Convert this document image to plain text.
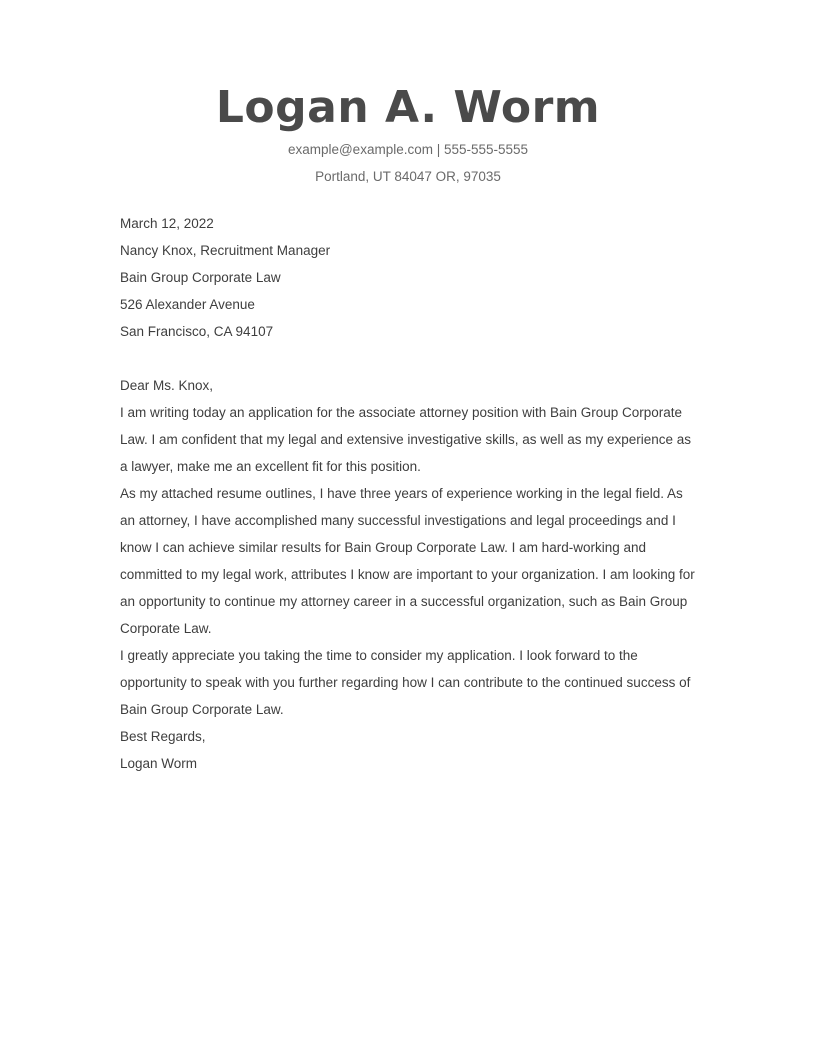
Logan A. Worm

example@example.com | 555-555-5555

Portland, UT 84047 OR, 97035

March 12, 2022

Nancy Knox, Recruitment Manager

Bain Group Corporate Law

526 Alexander Avenue

San Francisco, CA 94107

Dear Ms. Knox,

I am writing today an application for the associate attorney position with Bain Group Corporate Law. I am confident that my legal and extensive investigative skills, as well as my experience as a lawyer, make me an excellent fit for this position.

As my attached resume outlines, I have three years of experience working in the legal field. As an attorney, I have accomplished many successful investigations and legal proceedings and I know I can achieve similar results for Bain Group Corporate Law. I am hard-working and committed to my legal work, attributes I know are important to your organization. I am looking for an opportunity to continue my attorney career in a successful organization, such as Bain Group Corporate Law.

I greatly appreciate you taking the time to consider my application. I look forward to the opportunity to speak with you further regarding how I can contribute to the continued success of Bain Group Corporate Law.

Best Regards,

Logan Worm
